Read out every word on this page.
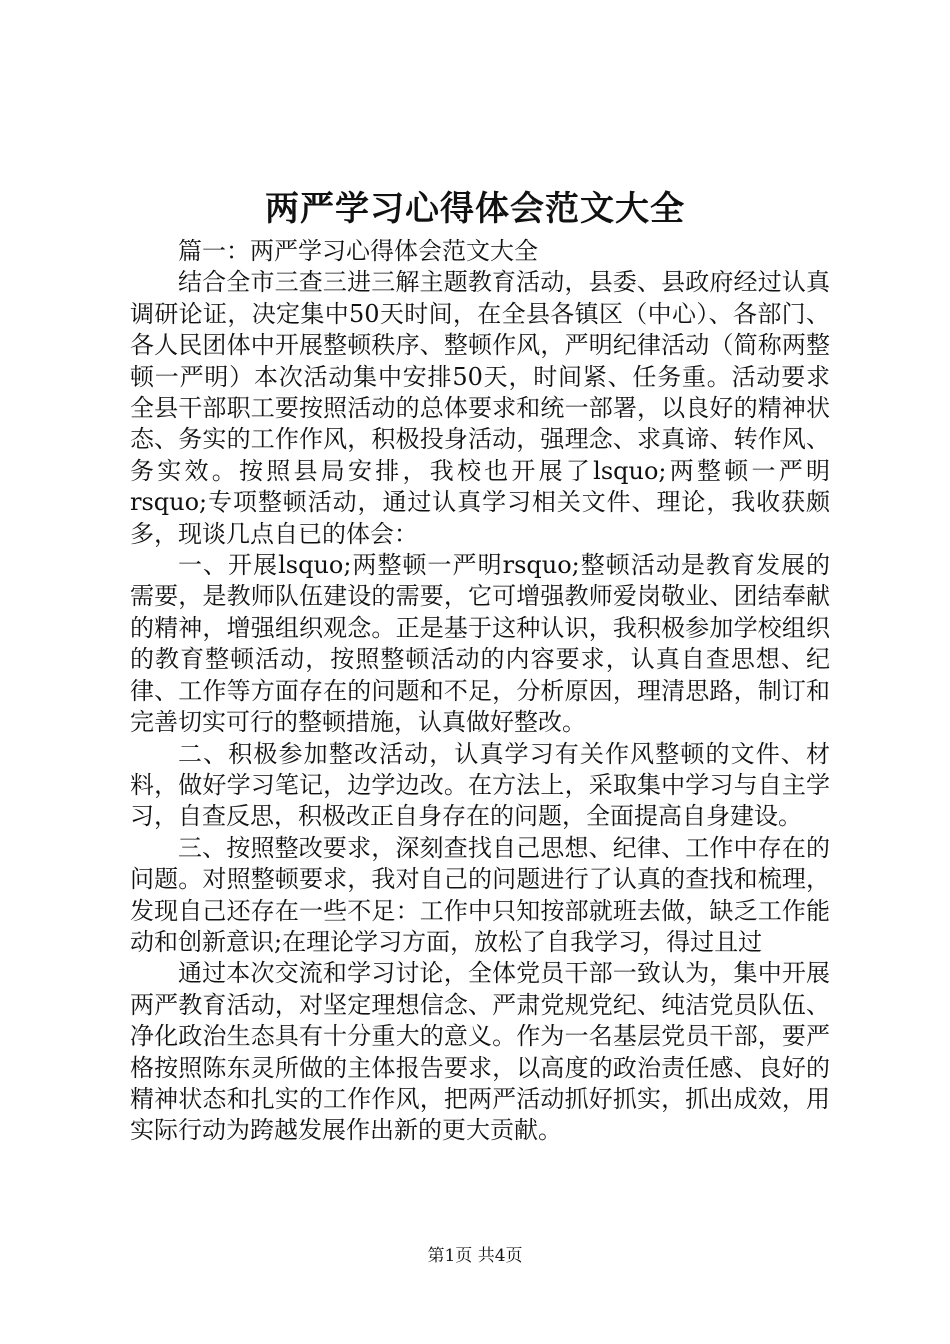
两严学习心得体会范文大全

篇一：两严学习心得体会范文大全

结合全市三查三进三解主题教育活动，县委、县政府经过认真调研论证，决定集中50天时间，在全县各镇区（中心）、各部门、各人民团体中开展整顿秩序、整顿作风，严明纪律活动（简称两整顿一严明）本次活动集中安排50天，时间紧、任务重。活动要求全县干部职工要按照活动的总体要求和统一部署，以良好的精神状态、务实的工作作风，积极投身活动，强理念、求真谛、转作风、务实效。按照县局安排，我校也开展了lsquo;两整顿一严明rsquo;专项整顿活动，通过认真学习相关文件、理论，我收获颇多，现谈几点自已的体会：

一、开展lsquo;两整顿一严明rsquo;整顿活动是教育发展的需要，是教师队伍建设的需要，它可增强教师爱岗敬业、团结奉献的精神，增强组织观念。正是基于这种认识，我积极参加学校组织的教育整顿活动，按照整顿活动的内容要求，认真自查思想、纪律、工作等方面存在的问题和不足，分析原因，理清思路，制订和完善切实可行的整顿措施，认真做好整改。

二、积极参加整改活动，认真学习有关作风整顿的文件、材料，做好学习笔记，边学边改。在方法上，采取集中学习与自主学习，自查反思，积极改正自身存在的问题，全面提高自身建设。

三、按照整改要求，深刻查找自己思想、纪律、工作中存在的问题。对照整顿要求，我对自己的问题进行了认真的查找和梳理，发现自己还存在一些不足：工作中只知按部就班去做，缺乏工作能动和创新意识;在理论学习方面，放松了自我学习，得过且过

通过本次交流和学习讨论，全体党员干部一致认为，集中开展两严教育活动，对坚定理想信念、严肃党规党纪、纯洁党员队伍、净化政治生态具有十分重大的意义。作为一名基层党员干部，要严格按照陈东灵所做的主体报告要求，以高度的政治责任感、良好的精神状态和扎实的工作作风，把两严活动抓好抓实，抓出成效，用实际行动为跨越发展作出新的更大贡献。

第1页 共4页
